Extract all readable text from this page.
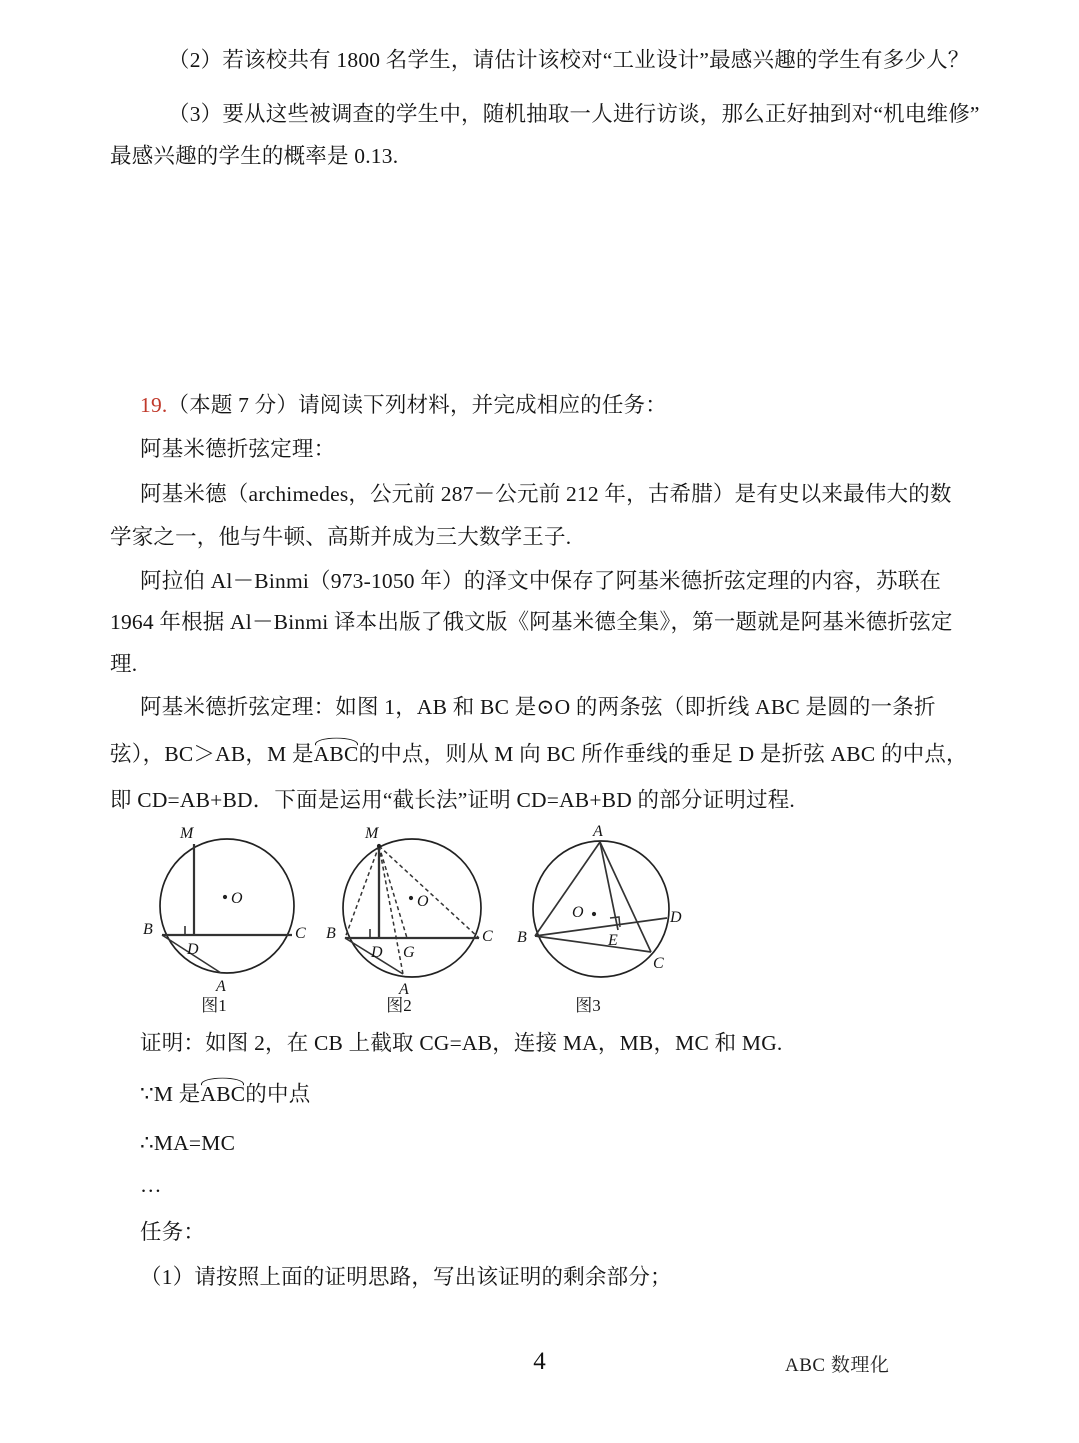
（2）若该校共有 1800 名学生，请估计该校对“工业设计”最感兴趣的学生有多少人？
（3）要从这些被调查的学生中，随机抽取一人进行访谈，那么正好抽到对“机电维修”
最感兴趣的学生的概率是 0.13.
19.（本题 7 分）请阅读下列材料，并完成相应的任务：
阿基米德折弦定理：
阿基米德（archimedes，公元前 287－公元前 212 年，古希腊）是有史以来最伟大的数
学家之一，他与牛顿、高斯并成为三大数学王子.
阿拉伯 Al－Binmi（973-1050 年）的泽文中保存了阿基米德折弦定理的内容，苏联在
1964 年根据 Al－Binmi 译本出版了俄文版《阿基米德全集》，第一题就是阿基米德折弦定
理.
阿基米德折弦定理：如图 1，AB 和 BC 是⊙O 的两条弦（即折线 ABC 是圆的一条折
弦），BC＞AB，M 是
ABC的中点，则从 M 向 BC 所作垂线的垂足 D 是折弦 ABC 的中点，
即 CD=AB+BD．下面是运用“截长法”证明 CD=AB+BD 的部分证明过程.
M
O
B
D
C
A
图1
M
O
B
D G
C
A
图2
A
O	D
B	E
C
图3
证明：如图 2，在 CB 上截取 CG=AB，连接 MA，MB，MC 和 MG.
∵M 是
ABC的中点
∴MA=MC
…
任务：
（1）请按照上面的证明思路，写出该证明的剩余部分；
4	ABC 数理化
